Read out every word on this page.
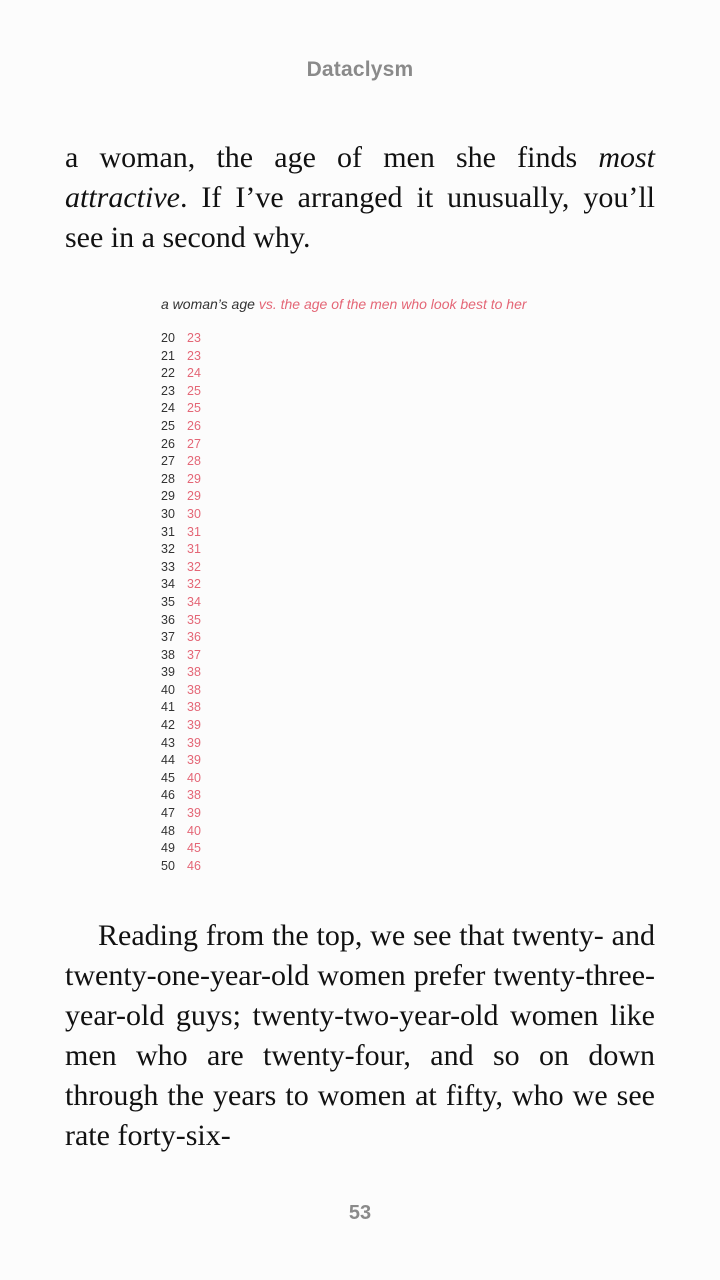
Dataclysm

a woman, the age of men she finds most attractive. If I’ve arranged it unusually, you’ll see in a second why.

a woman’s age vs. the age of the men who look best to her
20 23
21 23
22 24
23 25
24 25
25 26
26 27
27 28
28 29
29 29
30 30
31 31
32 31
33 32
34 32
35 34
36 35
37 36
38 37
39 38
40 38
41 38
42 39
43 39
44 39
45 40
46 38
47 39
48 40
49 45
50 46

Reading from the top, we see that twenty- and twenty-one-year-old women prefer twenty-three-year-old guys; twenty-two-year-old women like men who are twenty-four, and so on down through the years to women at fifty, who we see rate forty-six-

53
